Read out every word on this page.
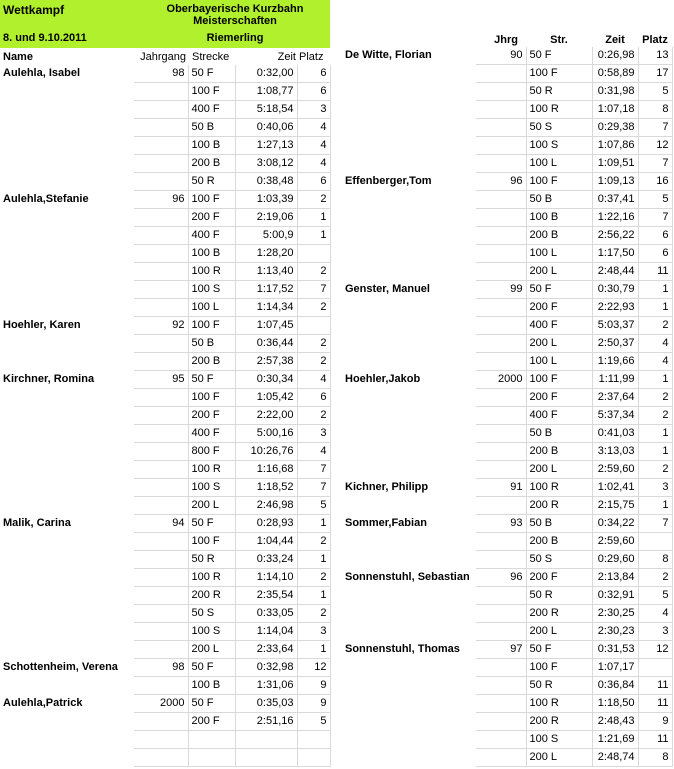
Wettkampf	Oberbayerische Kurzbahn
Meisterschaften
8. und 9.10.2011	Riemerling
Name	Jahrgang Strecke	Zeit Platz
Jhrg	Str.	Zeit	Platz
Aulehla, Isabel	98	50 F	0:32,00	6
		100 F	1:08,77	6
		400 F	5:18,54	3
		50 B	0:40,06	4
		100 B	1:27,13	4
		200 B	3:08,12	4
		50 R	0:38,48	6
Aulehla,Stefanie	96	100 F	1:03,39	2
		200 F	2:19,06	1
		400 F	5:00,9	1
		100 B	1:28,20	
		100 R	1:13,40	2
		100 S	1:17,52	7
		100 L	1:14,34	2
Hoehler, Karen	92	100 F	1:07,45	
		50 B	0:36,44	2
		200 B	2:57,38	2
Kirchner, Romina	95	50 F	0:30,34	4
		100 F	1:05,42	6
		200 F	2:22,00	2
		400 F	5:00,16	3
		800 F	10:26,76	4
		100 R	1:16,68	7
		100 S	1:18,52	7
		200 L	2:46,98	5
Malik, Carina	94	50 F	0:28,93	1
		100 F	1:04,44	2
		50 R	0:33,24	1
		100 R	1:14,10	2
		200 R	2:35,54	1
		50 S	0:33,05	2
		100 S	1:14,04	3
		200 L	2:33,64	1
Schottenheim, Verena	98	50 F	0:32,98	12
		100 B	1:31,06	9
Aulehla,Patrick	2000	50 F	0:35,03	9
		200 F	2:51,16	5

De Witte, Florian	90	50 F	0:26,98	13
		100 F	0:58,89	17
		50 R	0:31,98	5
		100 R	1:07,18	8
		50 S	0:29,38	7
		100 S	1:07,86	12
		100 L	1:09,51	7
Effenberger,Tom	96	100 F	1:09,13	16
		50 B	0:37,41	5
		100 B	1:22,16	7
		200 B	2:56,22	6
		100 L	1:17,50	6
		200 L	2:48,44	11
Genster, Manuel	99	50 F	0:30,79	1
		200 F	2:22,93	1
		400 F	5:03,37	2
		200 L	2:50,37	4
		100 L	1:19,66	4
Hoehler,Jakob	2000	100 F	1:11,99	1
		200 F	2:37,64	2
		400 F	5:37,34	2
		50 B	0:41,03	1
		200 B	3:13,03	1
		200 L	2:59,60	2
Kichner, Philipp	91	100 R	1:02,41	3
		200 R	2:15,75	1
Sommer,Fabian	93	50 B	0:34,22	7
		200 B	2:59,60	
		50 S	0:29,60	8
Sonnenstuhl, Sebastian	96	200 F	2:13,84	2
		50 R	0:32,91	5
		200 R	2:30,25	4
		200 L	2:30,23	3
Sonnenstuhl, Thomas	97	50 F	0:31,53	12
		100 F	1:07,17	
		50 R	0:36,84	11
		100 R	1:18,50	11
		200 R	2:48,43	9
		100 S	1:21,69	11
		200 L	2:48,74	8
